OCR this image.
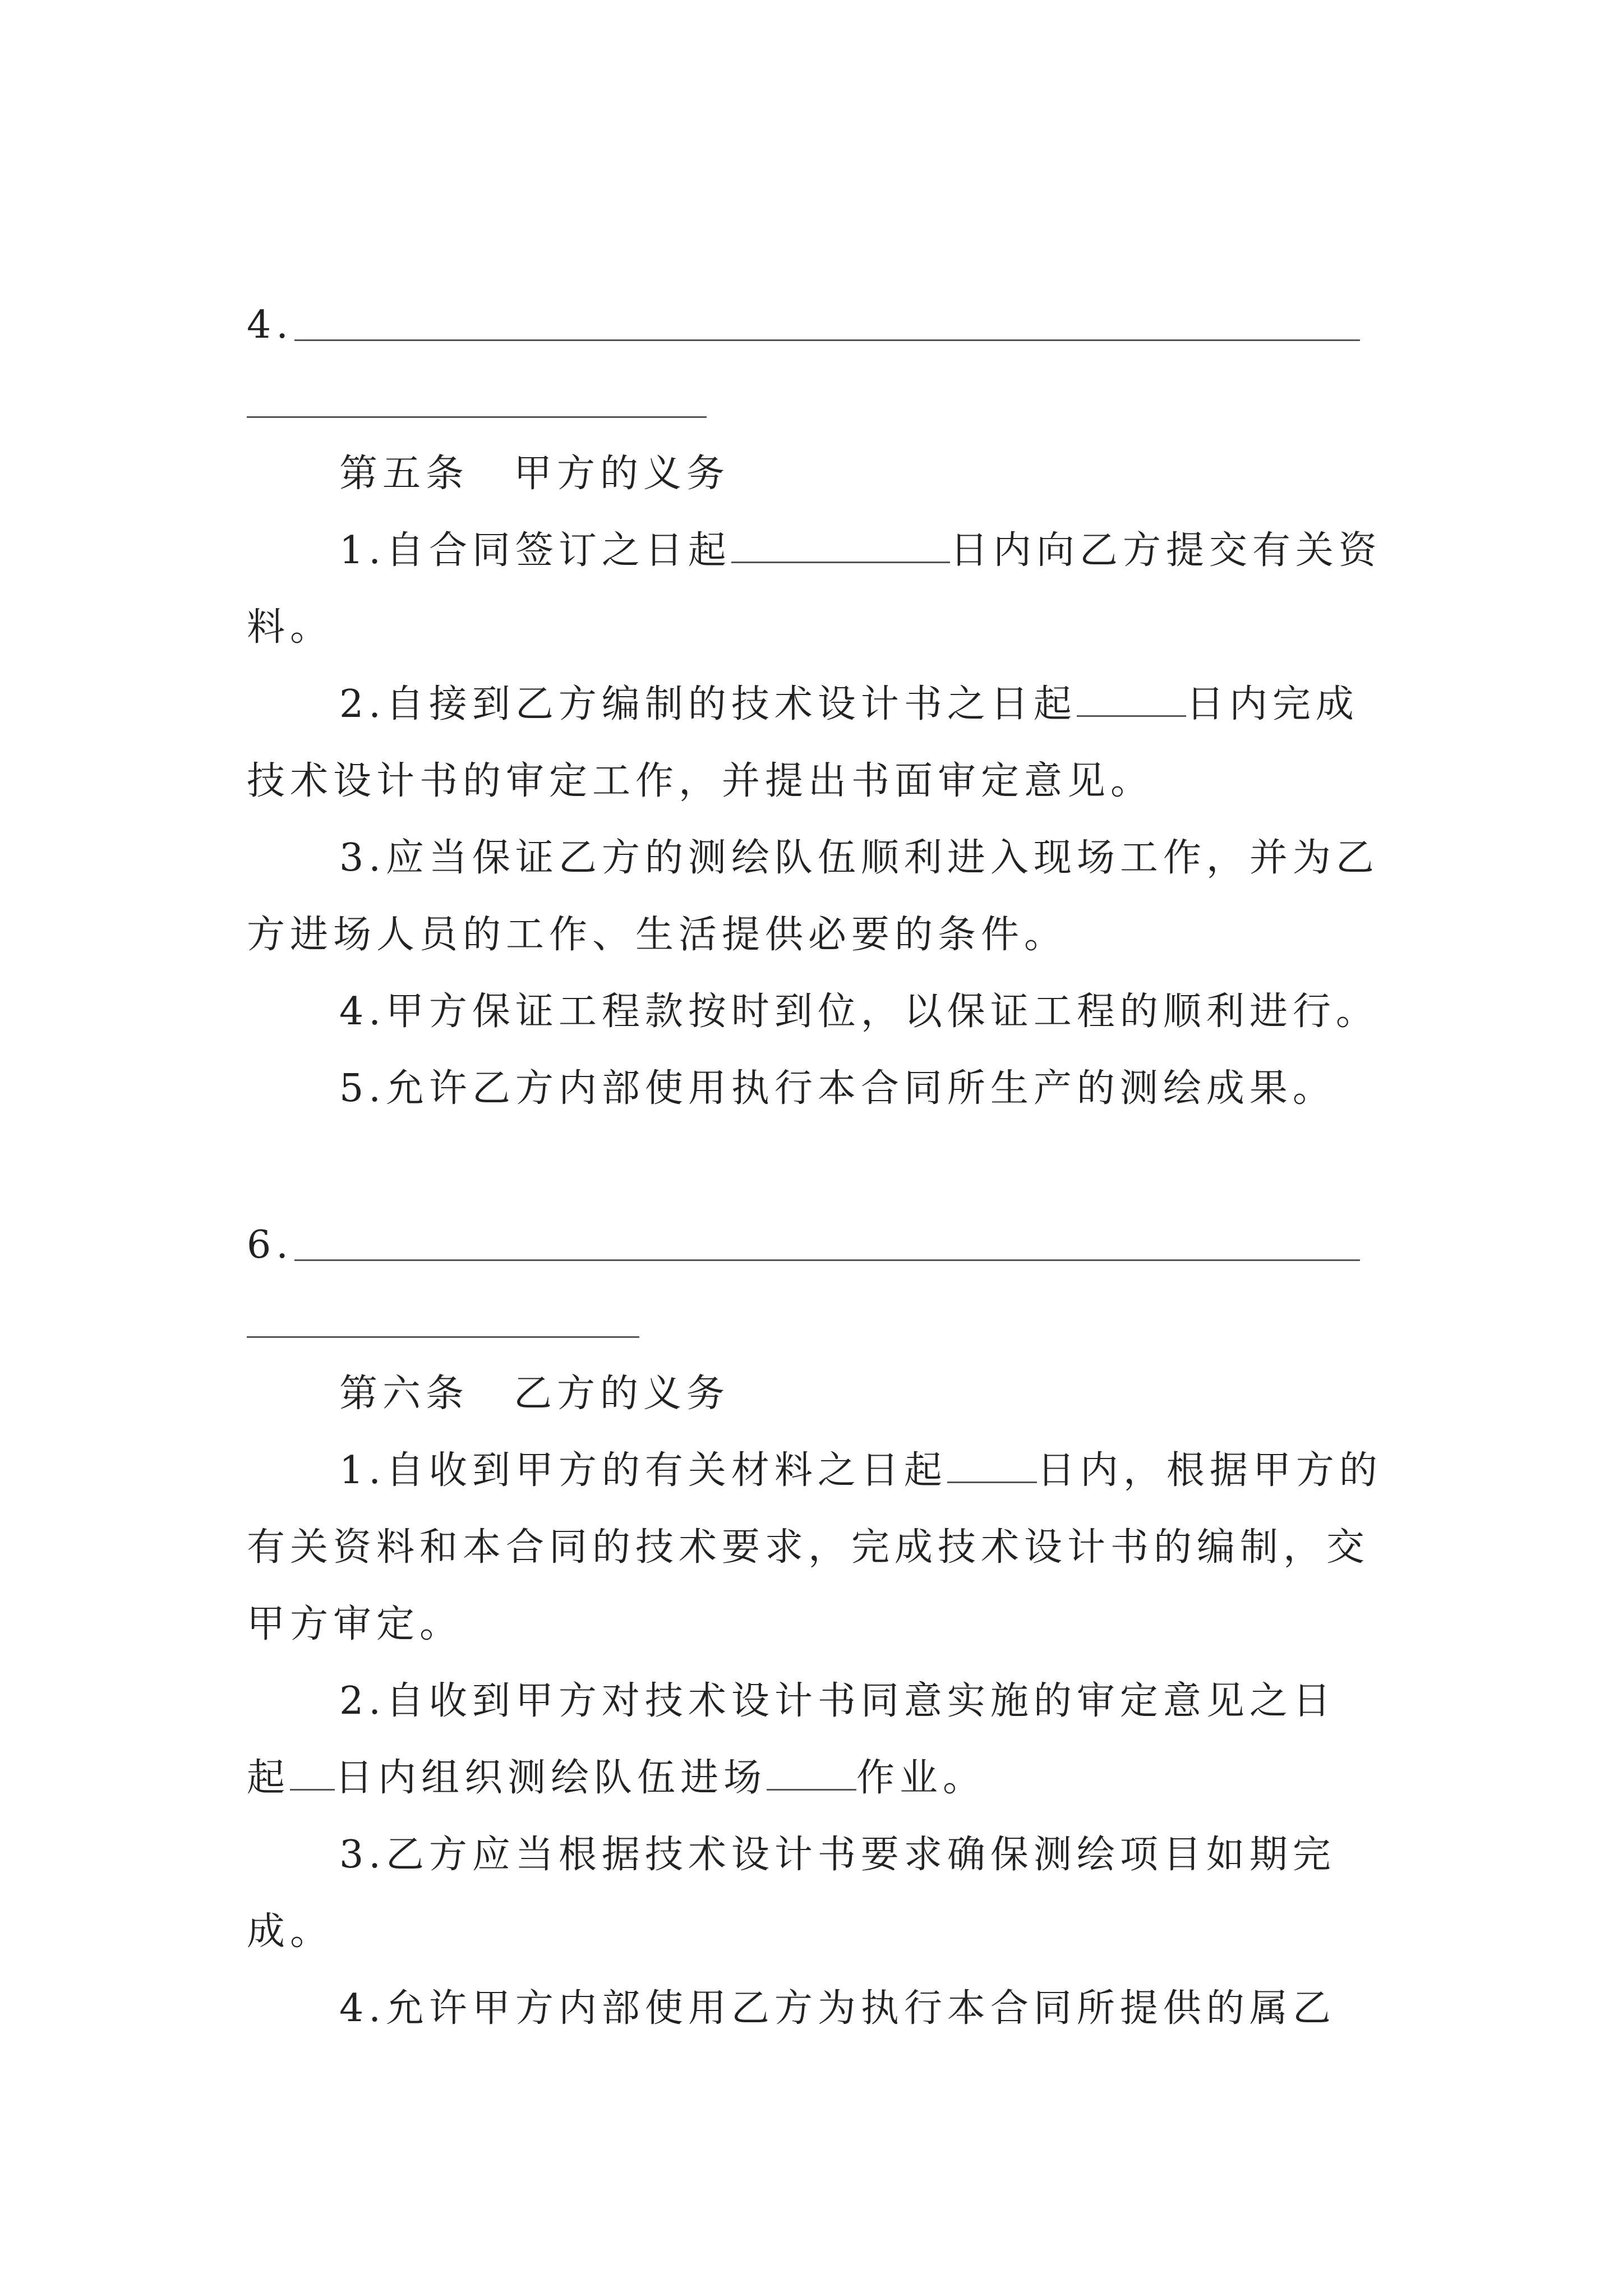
4.
第五条 甲方的义务
1.自合同签订之日起	日内向乙方提交有关资
料。
2.自接到乙方编制的技术设计书之日起	日内完成
技术设计书的审定工作，并提出书面审定意见。
3.应当保证乙方的测绘队伍顺利进入现场工作，并为乙
方进场人员的工作、生活提供必要的条件。
4.甲方保证工程款按时到位，以保证工程的顺利进行。
5.允许乙方内部使用执行本合同所生产的测绘成果。
6.
第六条 乙方的义务
1.自收到甲方的有关材料之日起 日内，根据甲方的
有关资料和本合同的技术要求，完成技术设计书的编制，交
甲方审定。
2.自收到甲方对技术设计书同意实施的审定意见之日
起 日内组织测绘队伍进场 作业。
3.乙方应当根据技术设计书要求确保测绘项目如期完
成。
4.允许甲方内部使用乙方为执行本合同所提供的属乙
